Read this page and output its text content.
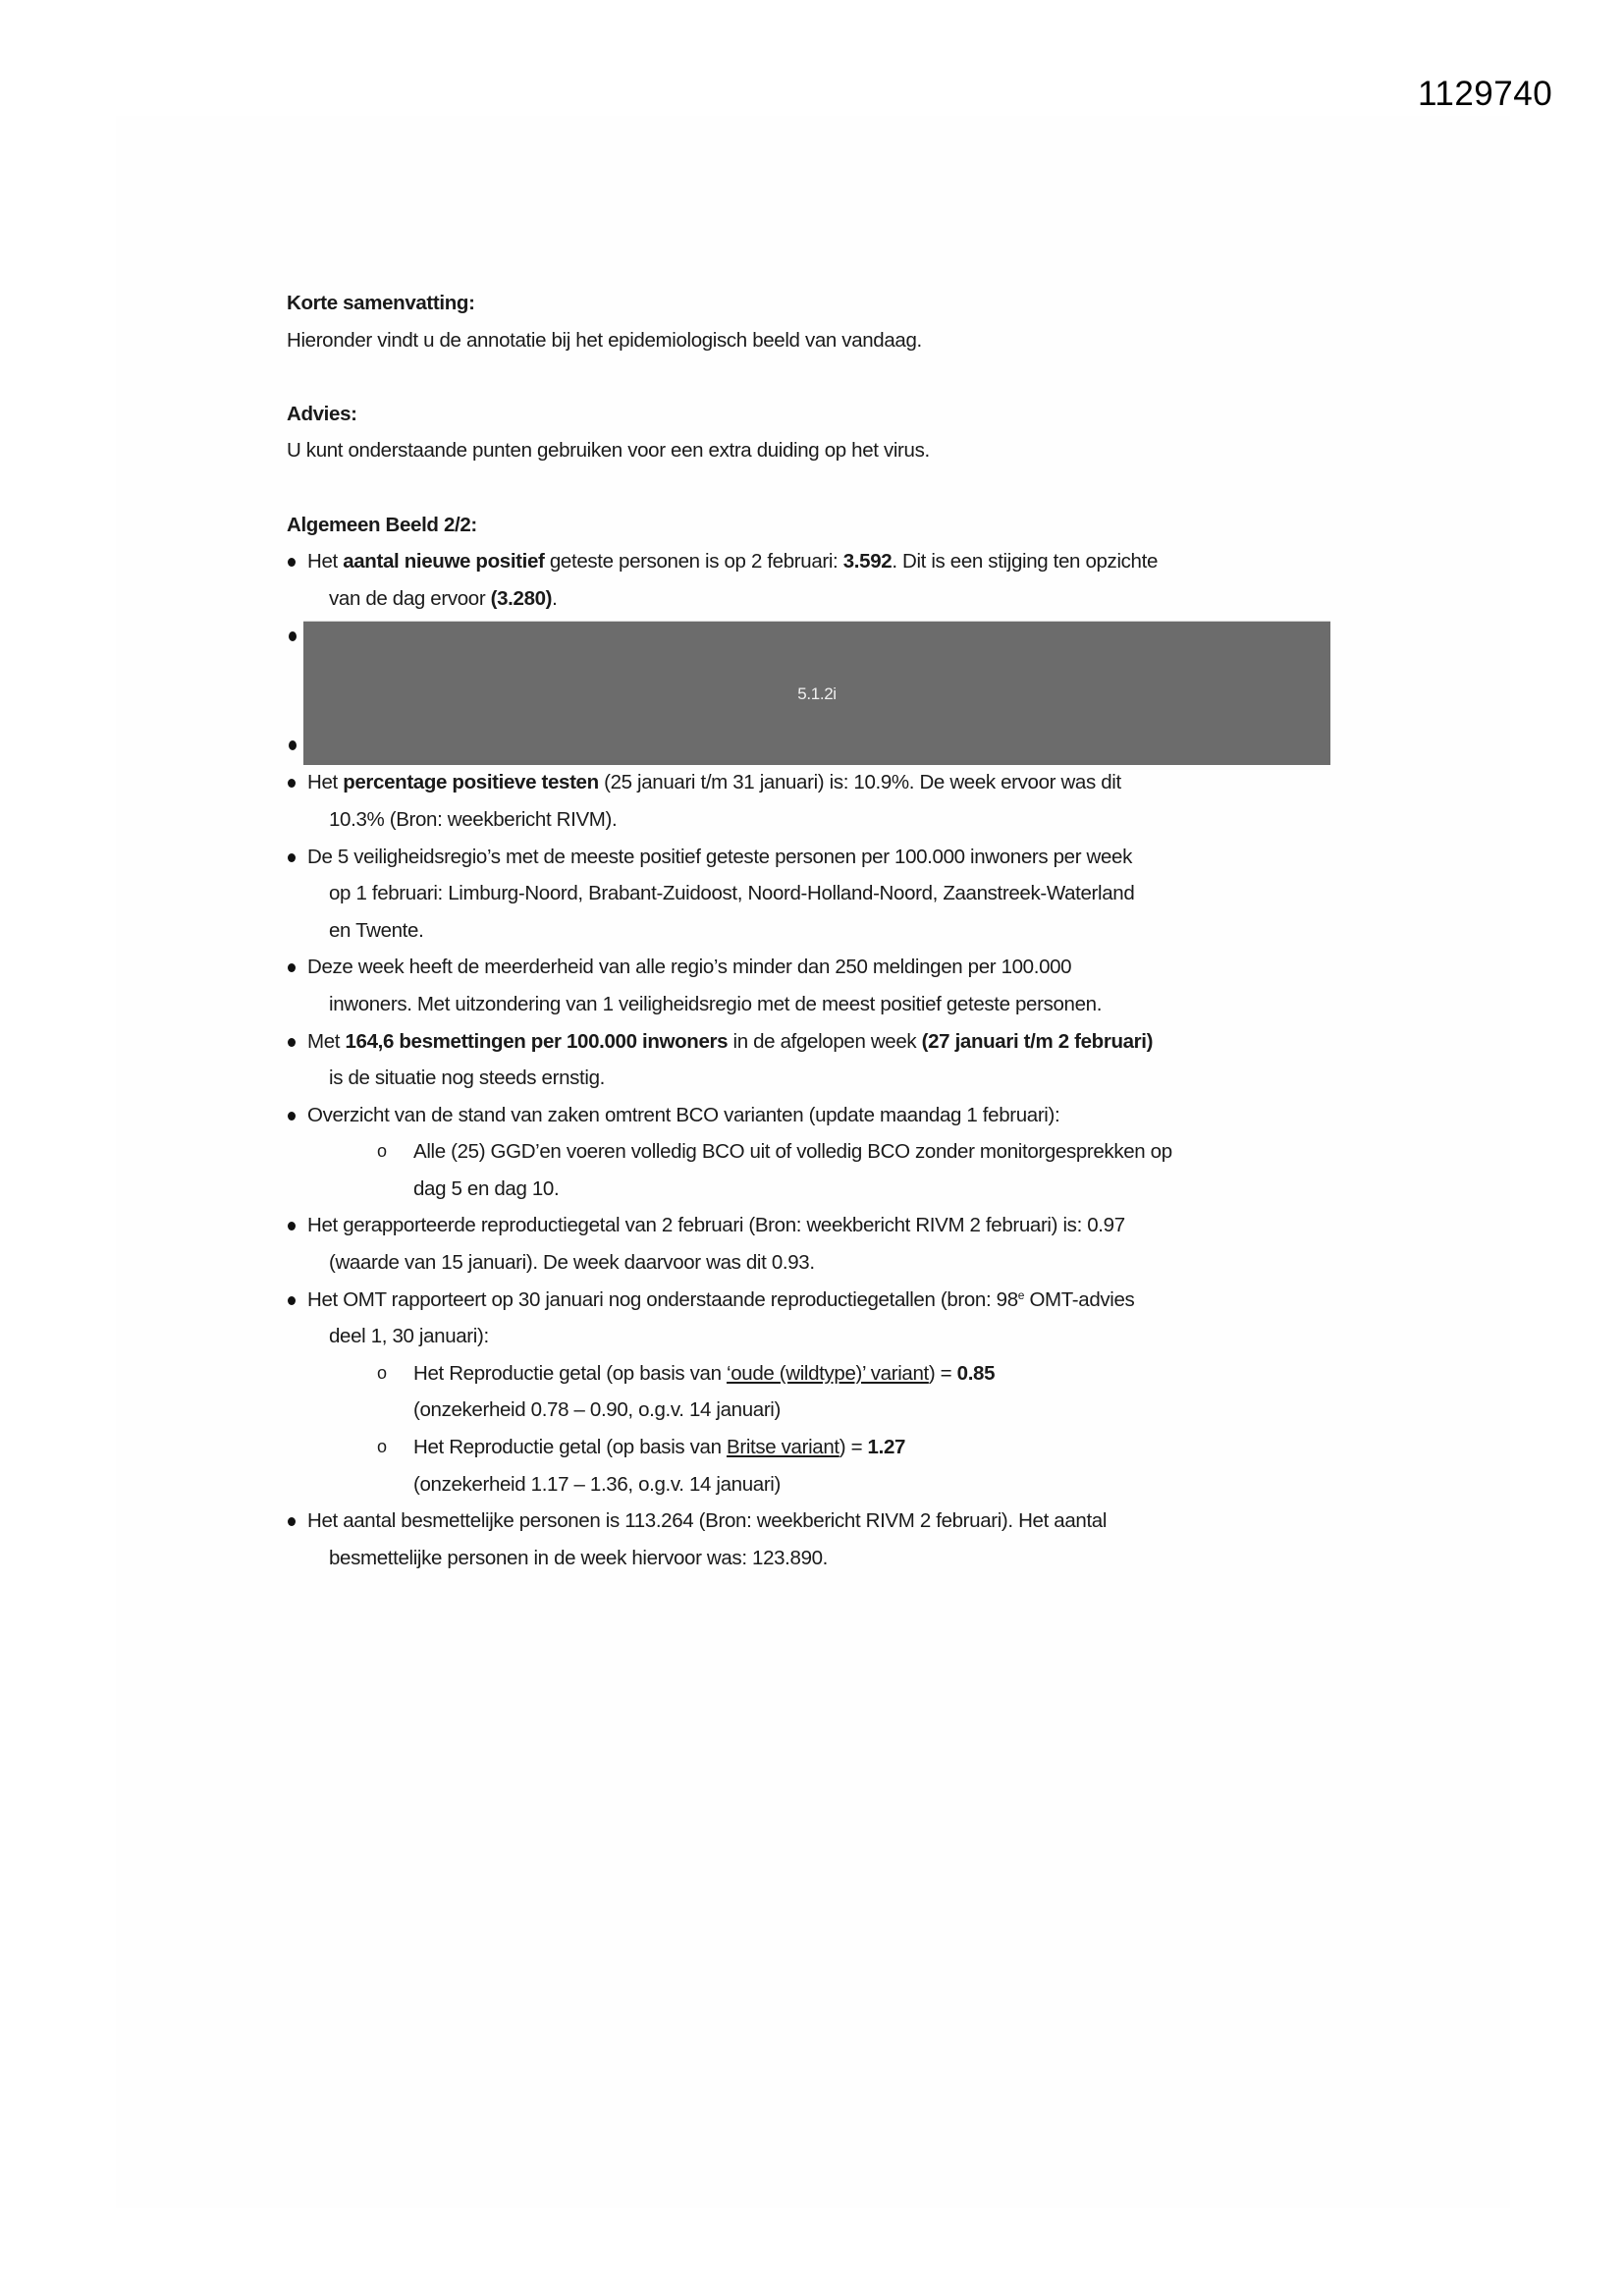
1129740

Korte samenvatting:

Hieronder vindt u de annotatie bij het epidemiologisch beeld van vandaag.

Advies:

U kunt onderstaande punten gebruiken voor een extra duiding op het virus.

Algemeen Beeld 2/2:

Het aantal nieuwe positief geteste personen is op 2 februari: 3.592. Dit is een stijging ten opzichte
van de dag ervoor (3.280).
5.1.2i
Het percentage positieve testen (25 januari t/m 31 januari) is: 10.9%. De week ervoor was dit
10.3% (Bron: weekbericht RIVM).
De 5 veiligheidsregio’s met de meeste positief geteste personen per 100.000 inwoners per week
op 1 februari: Limburg-Noord, Brabant-Zuidoost, Noord-Holland-Noord, Zaanstreek-Waterland
en Twente.
Deze week heeft de meerderheid van alle regio’s minder dan 250 meldingen per 100.000
inwoners. Met uitzondering van 1 veiligheidsregio met de meest positief geteste personen.
Met 164,6 besmettingen per 100.000 inwoners in de afgelopen week (27 januari t/m 2 februari)
is de situatie nog steeds ernstig.
Overzicht van de stand van zaken omtrent BCO varianten (update maandag 1 februari):
o Alle (25) GGD’en voeren volledig BCO uit of volledig BCO zonder monitorgesprekken op
dag 5 en dag 10.
Het gerapporteerde reproductiegetal van 2 februari (Bron: weekbericht RIVM 2 februari) is: 0.97
(waarde van 15 januari). De week daarvoor was dit 0.93.
Het OMT rapporteert op 30 januari nog onderstaande reproductiegetallen (bron: 98e OMT-advies
deel 1, 30 januari):
o Het Reproductie getal (op basis van ‘oude (wildtype)’ variant) = 0.85
(onzekerheid 0.78 – 0.90, o.g.v. 14 januari)
o Het Reproductie getal (op basis van Britse variant) = 1.27
(onzekerheid 1.17 – 1.36, o.g.v. 14 januari)
Het aantal besmettelijke personen is 113.264 (Bron: weekbericht RIVM 2 februari). Het aantal
besmettelijke personen in de week hiervoor was: 123.890.
